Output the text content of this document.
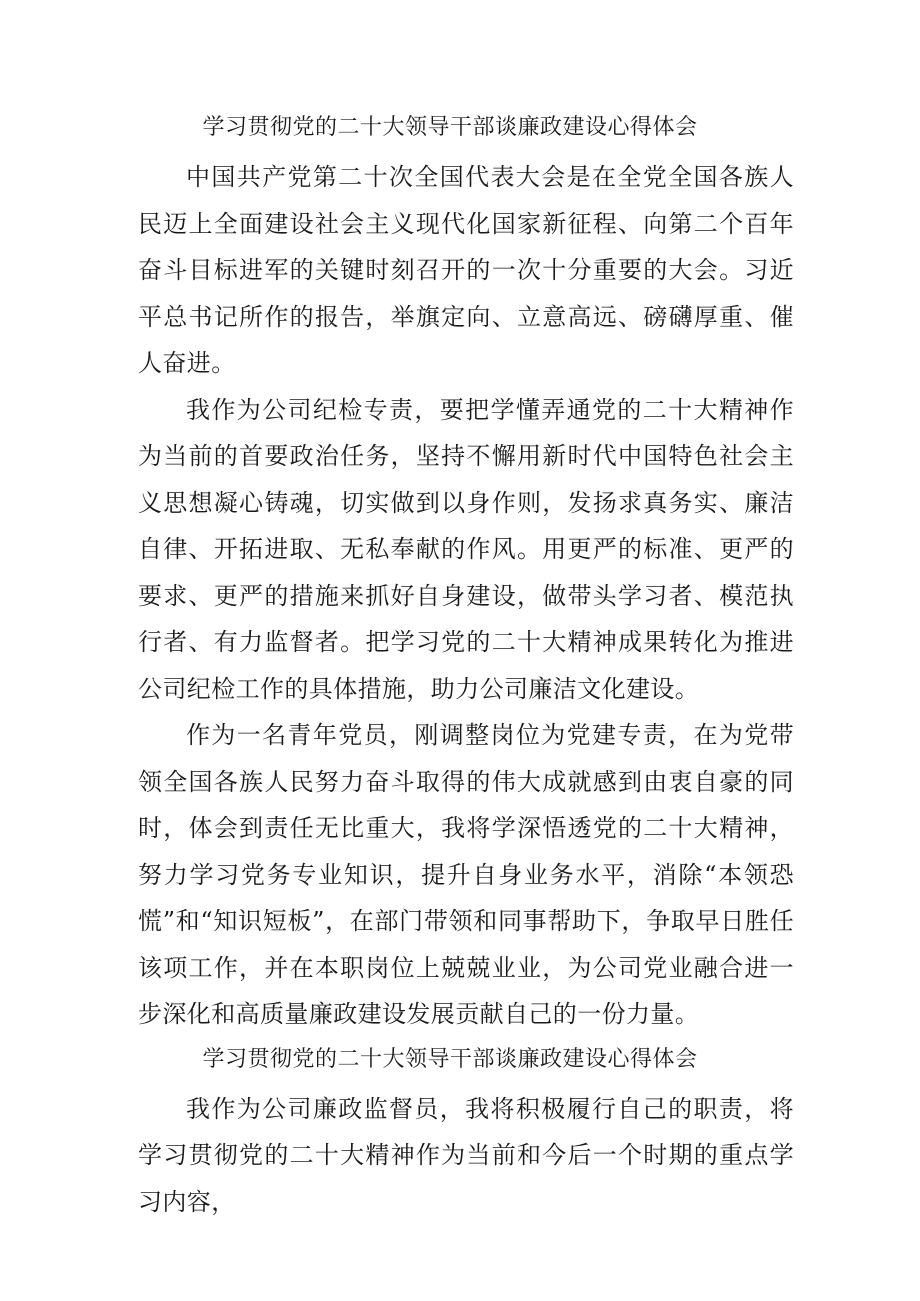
学习贯彻党的二十大领导干部谈廉政建设心得体会

中国共产党第二十次全国代表大会是在全党全国各族人民迈上全面建设社会主义现代化国家新征程、向第二个百年奋斗目标进军的关键时刻召开的一次十分重要的大会。习近平总书记所作的报告，举旗定向、立意高远、磅礴厚重、催人奋进。

我作为公司纪检专责，要把学懂弄通党的二十大精神作为当前的首要政治任务，坚持不懈用新时代中国特色社会主义思想凝心铸魂，切实做到以身作则，发扬求真务实、廉洁自律、开拓进取、无私奉献的作风。用更严的标准、更严的要求、更严的措施来抓好自身建设，做带头学习者、模范执行者、有力监督者。把学习党的二十大精神成果转化为推进公司纪检工作的具体措施，助力公司廉洁文化建设。

作为一名青年党员，刚调整岗位为党建专责，在为党带领全国各族人民努力奋斗取得的伟大成就感到由衷自豪的同时，体会到责任无比重大，我将学深悟透党的二十大精神，努力学习党务专业知识，提升自身业务水平，消除“本领恐慌”和“知识短板”，在部门带领和同事帮助下，争取早日胜任该项工作，并在本职岗位上兢兢业业，为公司党业融合进一步深化和高质量廉政建设发展贡献自己的一份力量。

学习贯彻党的二十大领导干部谈廉政建设心得体会

我作为公司廉政监督员，我将积极履行自己的职责，将学习贯彻党的二十大精神作为当前和今后一个时期的重点学习内容，
